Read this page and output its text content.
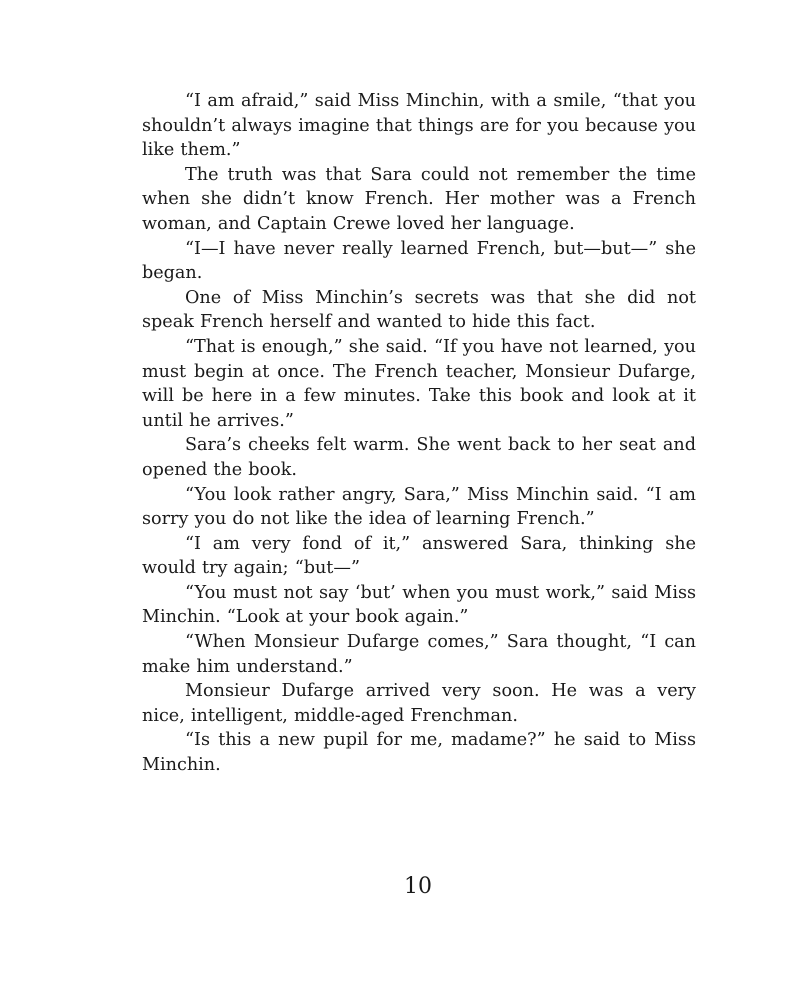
“I am afraid,” said Miss Minchin, with a smile, “that you shouldn’t always imagine that things are for you because you like them.”

The truth was that Sara could not remember the time when she didn’t know French. Her mother was a French woman, and Captain Crewe loved her language.

“I—I have never really learned French, but—but—” she began.

One of Miss Minchin’s secrets was that she did not speak French herself and wanted to hide this fact.

“That is enough,” she said. “If you have not learned, you must begin at once. The French teacher, Monsieur Dufarge, will be here in a few minutes. Take this book and look at it until he arrives.”

Sara’s cheeks felt warm. She went back to her seat and opened the book.

“You look rather angry, Sara,” Miss Minchin said. “I am sorry you do not like the idea of learning French.”

“I am very fond of it,” answered Sara, thinking she would try again; “but—”

“You must not say ‘but’ when you must work,” said Miss Minchin. “Look at your book again.”

“When Monsieur Dufarge comes,” Sara thought, “I can make him understand.”

Monsieur Dufarge arrived very soon. He was a very nice, intelligent, middle-aged Frenchman.

“Is this a new pupil for me, madame?” he said to Miss Minchin.

10
